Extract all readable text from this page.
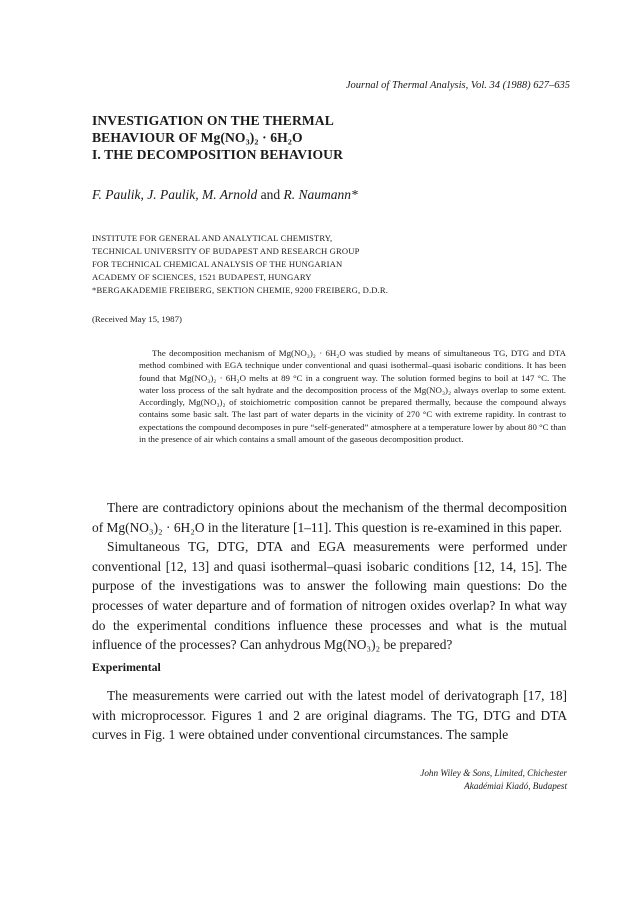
Journal of Thermal Analysis, Vol. 34 (1988) 627–635
INVESTIGATION ON THE THERMAL
BEHAVIOUR OF Mg(NO₃)₂ · 6H₂O
I. THE DECOMPOSITION BEHAVIOUR
F. Paulik, J. Paulik, M. Arnold and R. Naumann*
INSTITUTE FOR GENERAL AND ANALYTICAL CHEMISTRY,
TECHNICAL UNIVERSITY OF BUDAPEST AND RESEARCH GROUP
FOR TECHNICAL CHEMICAL ANALYSIS OF THE HUNGARIAN
ACADEMY OF SCIENCES, 1521 BUDAPEST, HUNGARY
*BERGAKADEMIE FREIBERG, SEKTION CHEMIE, 9200 FREIBERG, D.D.R.
(Received May 15, 1987)

The decomposition mechanism of Mg(NO₃)₂ · 6H₂O was studied by means of simultaneous TG, DTG and DTA method combined with EGA technique under conventional and quasi isothermal–quasi isobaric conditions. It has been found that Mg(NO₃)₂ · 6H₂O melts at 89 °C in a congruent way. The solution formed begins to boil at 147 °C. The water loss process of the salt hydrate and the decomposition process of the Mg(NO₃)₂ always overlap to some extent. Accordingly, Mg(NO₃)₂ of stoichiometric composition cannot be prepared thermally, because the compound always contains some basic salt. The last part of water departs in the vicinity of 270 °C with extreme rapidity. In contrast to expectations the compound decomposes in pure “self-generated” atmosphere at a temperature lower by about 80 °C than in the presence of air which contains a small amount of the gaseous decomposition product.

There are contradictory opinions about the mechanism of the thermal decomposition of Mg(NO₃)₂ · 6H₂O in the literature [1–11]. This question is re-examined in this paper.

Simultaneous TG, DTG, DTA and EGA measurements were performed under conventional [12, 13] and quasi isothermal–quasi isobaric conditions [12, 14, 15]. The purpose of the investigations was to answer the following main questions: Do the processes of water departure and of formation of nitrogen oxides overlap? In what way do the experimental conditions influence these processes and what is the mutual influence of the processes? Can anhydrous Mg(NO₃)₂ be prepared?

Experimental

The measurements were carried out with the latest model of derivatograph [17, 18] with microprocessor. Figures 1 and 2 are original diagrams. The TG, DTG and DTA curves in Fig. 1 were obtained under conventional circumstances. The sample

John Wiley & Sons, Limited, Chichester
Akadémiai Kiadó, Budapest
